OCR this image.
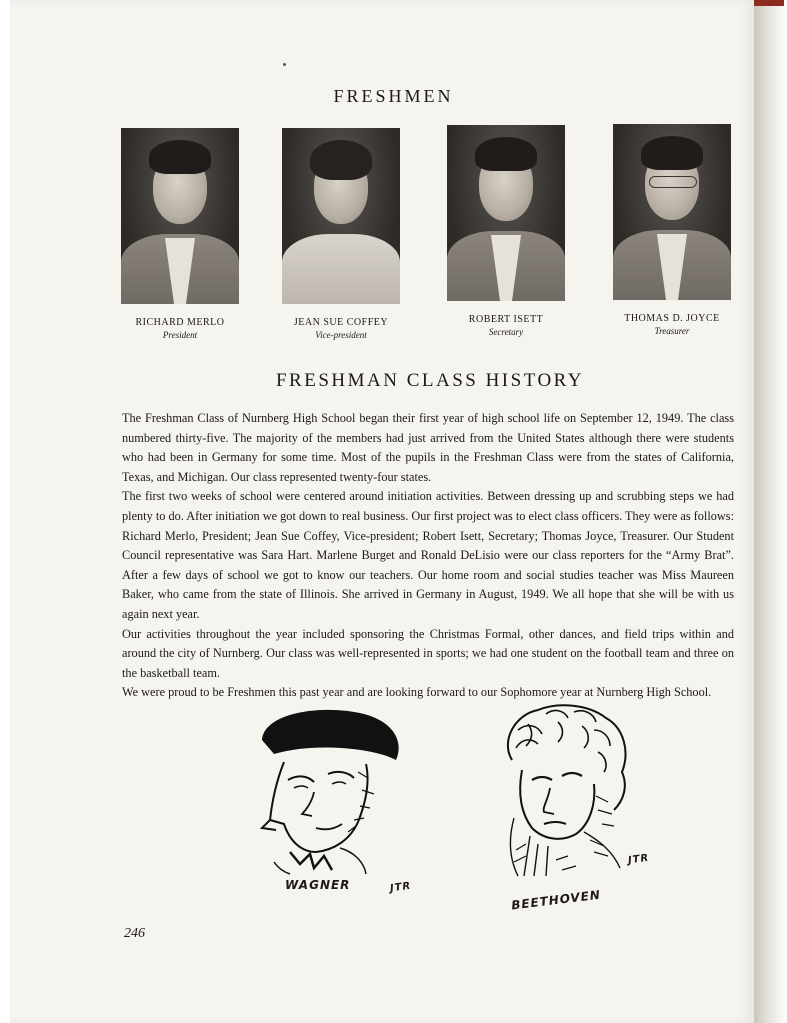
FRESHMEN
RICHARD MERLO
President
JEAN SUE COFFEY
Vice-president
ROBERT ISETT
Secretary
THOMAS D. JOYCE
Treasurer
FRESHMAN CLASS HISTORY

The Freshman Class of Nurnberg High School began their first year of high school life on September 12, 1949. The class numbered thirty-five. The majority of the members had just arrived from the United States although there were students who had been in Germany for some time. Most of the pupils in the Freshman Class were from the states of California, Texas, and Michigan. Our class represented twenty-four states.

The first two weeks of school were centered around initiation activities. Between dressing up and scrubbing steps we had plenty to do. After initiation we got down to real business. Our first project was to elect class officers. They were as follows: Richard Merlo, President; Jean Sue Coffey, Vice-president; Robert Isett, Secretary; Thomas Joyce, Treasurer. Our Student Council representative was Sara Hart. Marlene Burget and Ronald DeLisio were our class reporters for the “Army Brat”. After a few days of school we got to know our teachers. Our home room and social studies teacher was Miss Maureen Baker, who came from the state of Illinois. She arrived in Germany in August, 1949. We all hope that she will be with us again next year.

Our activities throughout the year included sponsoring the Christmas Formal, other dances, and field trips within and around the city of Nurnberg. Our class was well-represented in sports; we had one student on the football team and three on the basketball team.

We were proud to be Freshmen this past year and are looking forward to our Sophomore year at Nurnberg High School.

WAGNER	JTR
JTR
BEETHOVEN
246
